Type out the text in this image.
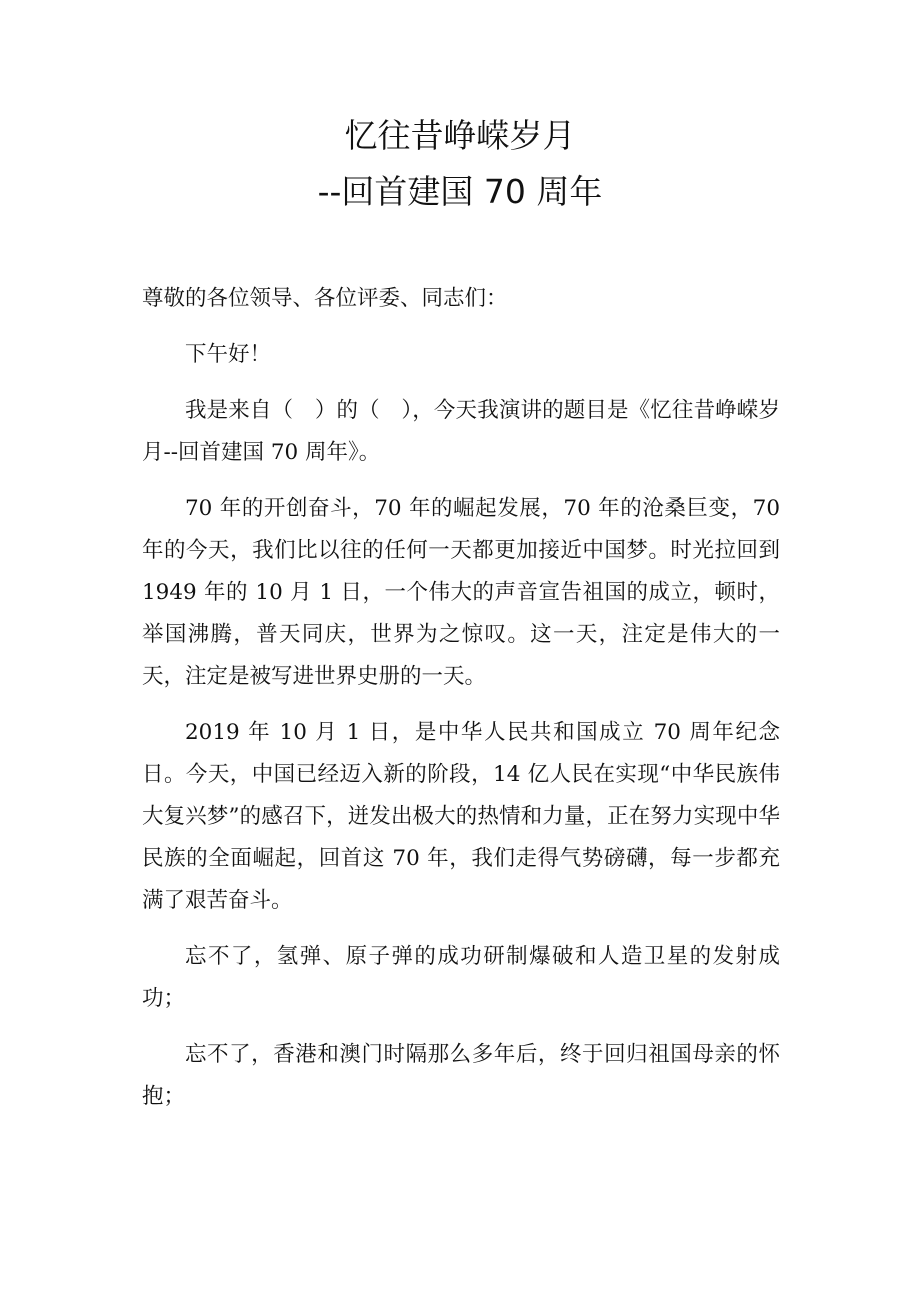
忆往昔峥嵘岁月
--回首建国 70 周年

尊敬的各位领导、各位评委、同志们：

下午好！

我是来自（　）的（　），今天我演讲的题目是《忆往昔峥嵘岁月--回首建国 70 周年》。

70 年的开创奋斗，70 年的崛起发展，70 年的沧桑巨变，70 年的今天，我们比以往的任何一天都更加接近中国梦。时光拉回到 1949 年的 10 月 1 日，一个伟大的声音宣告祖国的成立，顿时，举国沸腾，普天同庆，世界为之惊叹。这一天，注定是伟大的一天，注定是被写进世界史册的一天。

2019 年 10 月 1 日，是中华人民共和国成立 70 周年纪念日。今天，中国已经迈入新的阶段，14 亿人民在实现“中华民族伟大复兴梦”的感召下，迸发出极大的热情和力量，正在努力实现中华民族的全面崛起，回首这 70 年，我们走得气势磅礴，每一步都充满了艰苦奋斗。

忘不了，氢弹、原子弹的成功研制爆破和人造卫星的发射成功；

忘不了，香港和澳门时隔那么多年后，终于回归祖国母亲的怀抱；
